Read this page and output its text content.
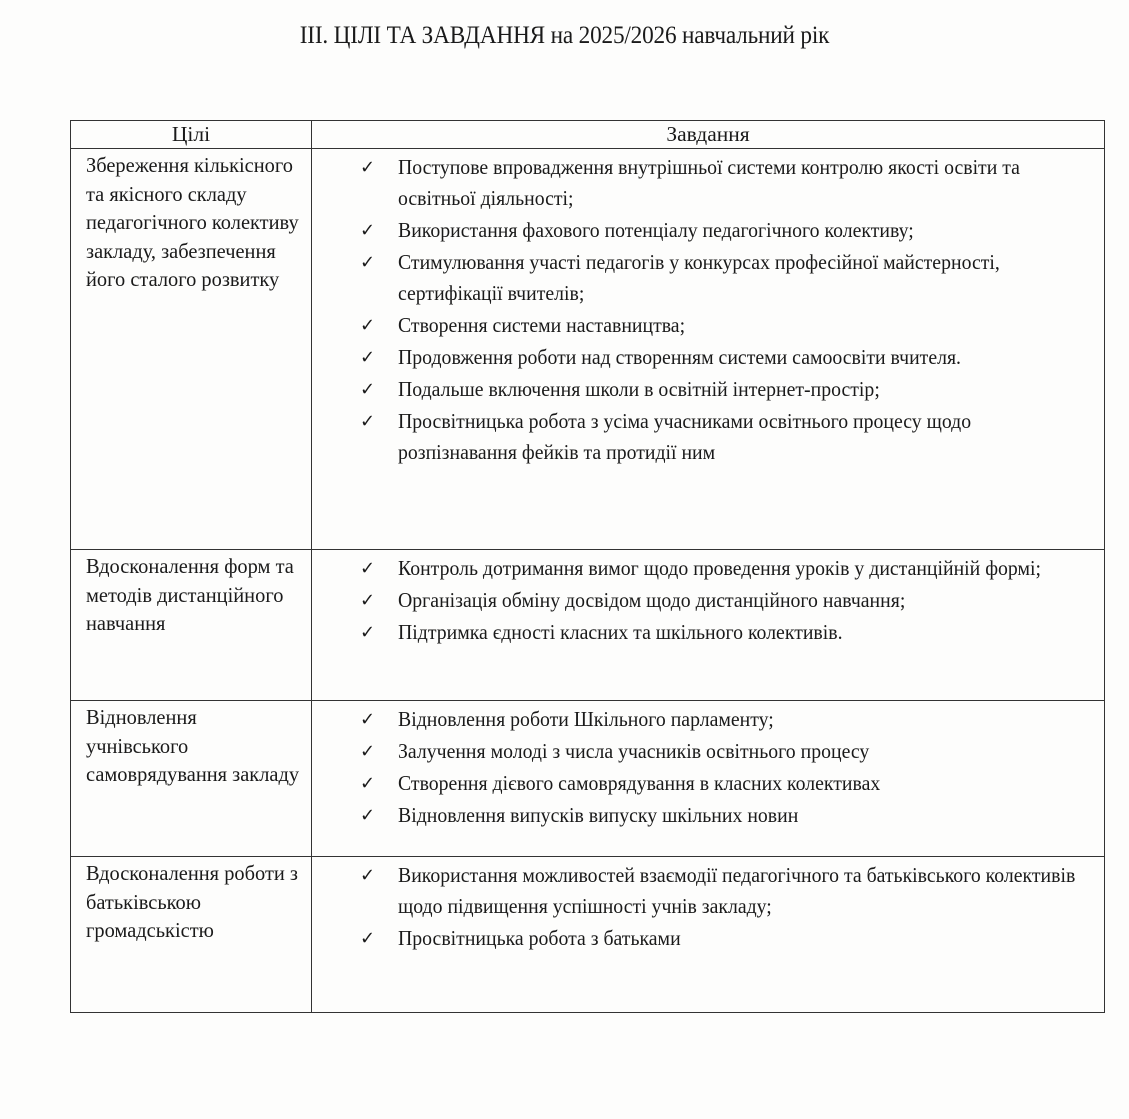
ІІІ. ЦІЛІ ТА ЗАВДАННЯ на 2025/2026 навчальний рік
Цілі	Завдання

Збереження кількісного та якісного складу педагогічного колективу закладу, забезпечення його сталого розвитку

✓ Поступове впровадження внутрішньої системи контролю якості освіти та освітньої діяльності;
✓ Використання фахового потенціалу педагогічного колективу;
✓ Стимулювання участі педагогів у конкурсах професійної майстерності, сертифікації вчителів;
✓ Створення системи наставництва;
✓ Продовження роботи над створенням системи самоосвіти вчителя.
✓ Подальше включення школи в освітній інтернет-простір;
✓ Просвітницька робота з усіма учасниками освітнього процесу щодо розпізнавання фейків та протидії ним

Вдосконалення форм та методів дистанційного навчання

✓ Контроль дотримання вимог щодо проведення уроків у дистанційній формі;
✓ Організація обміну досвідом щодо дистанційного навчання;
✓ Підтримка єдності класних та шкільного колективів.

Відновлення учнівського самоврядування закладу

✓ Відновлення роботи Шкільного парламенту;
✓ Залучення молоді з числа учасників освітнього процесу
✓ Створення дієвого самоврядування в класних колективах
✓ Відновлення випусків випуску шкільних новин

Вдосконалення роботи з батьківською громадськістю

✓ Використання можливостей взаємодії педагогічного та батьківського колективів щодо підвищення успішності учнів закладу;
✓ Просвітницька робота з батьками
